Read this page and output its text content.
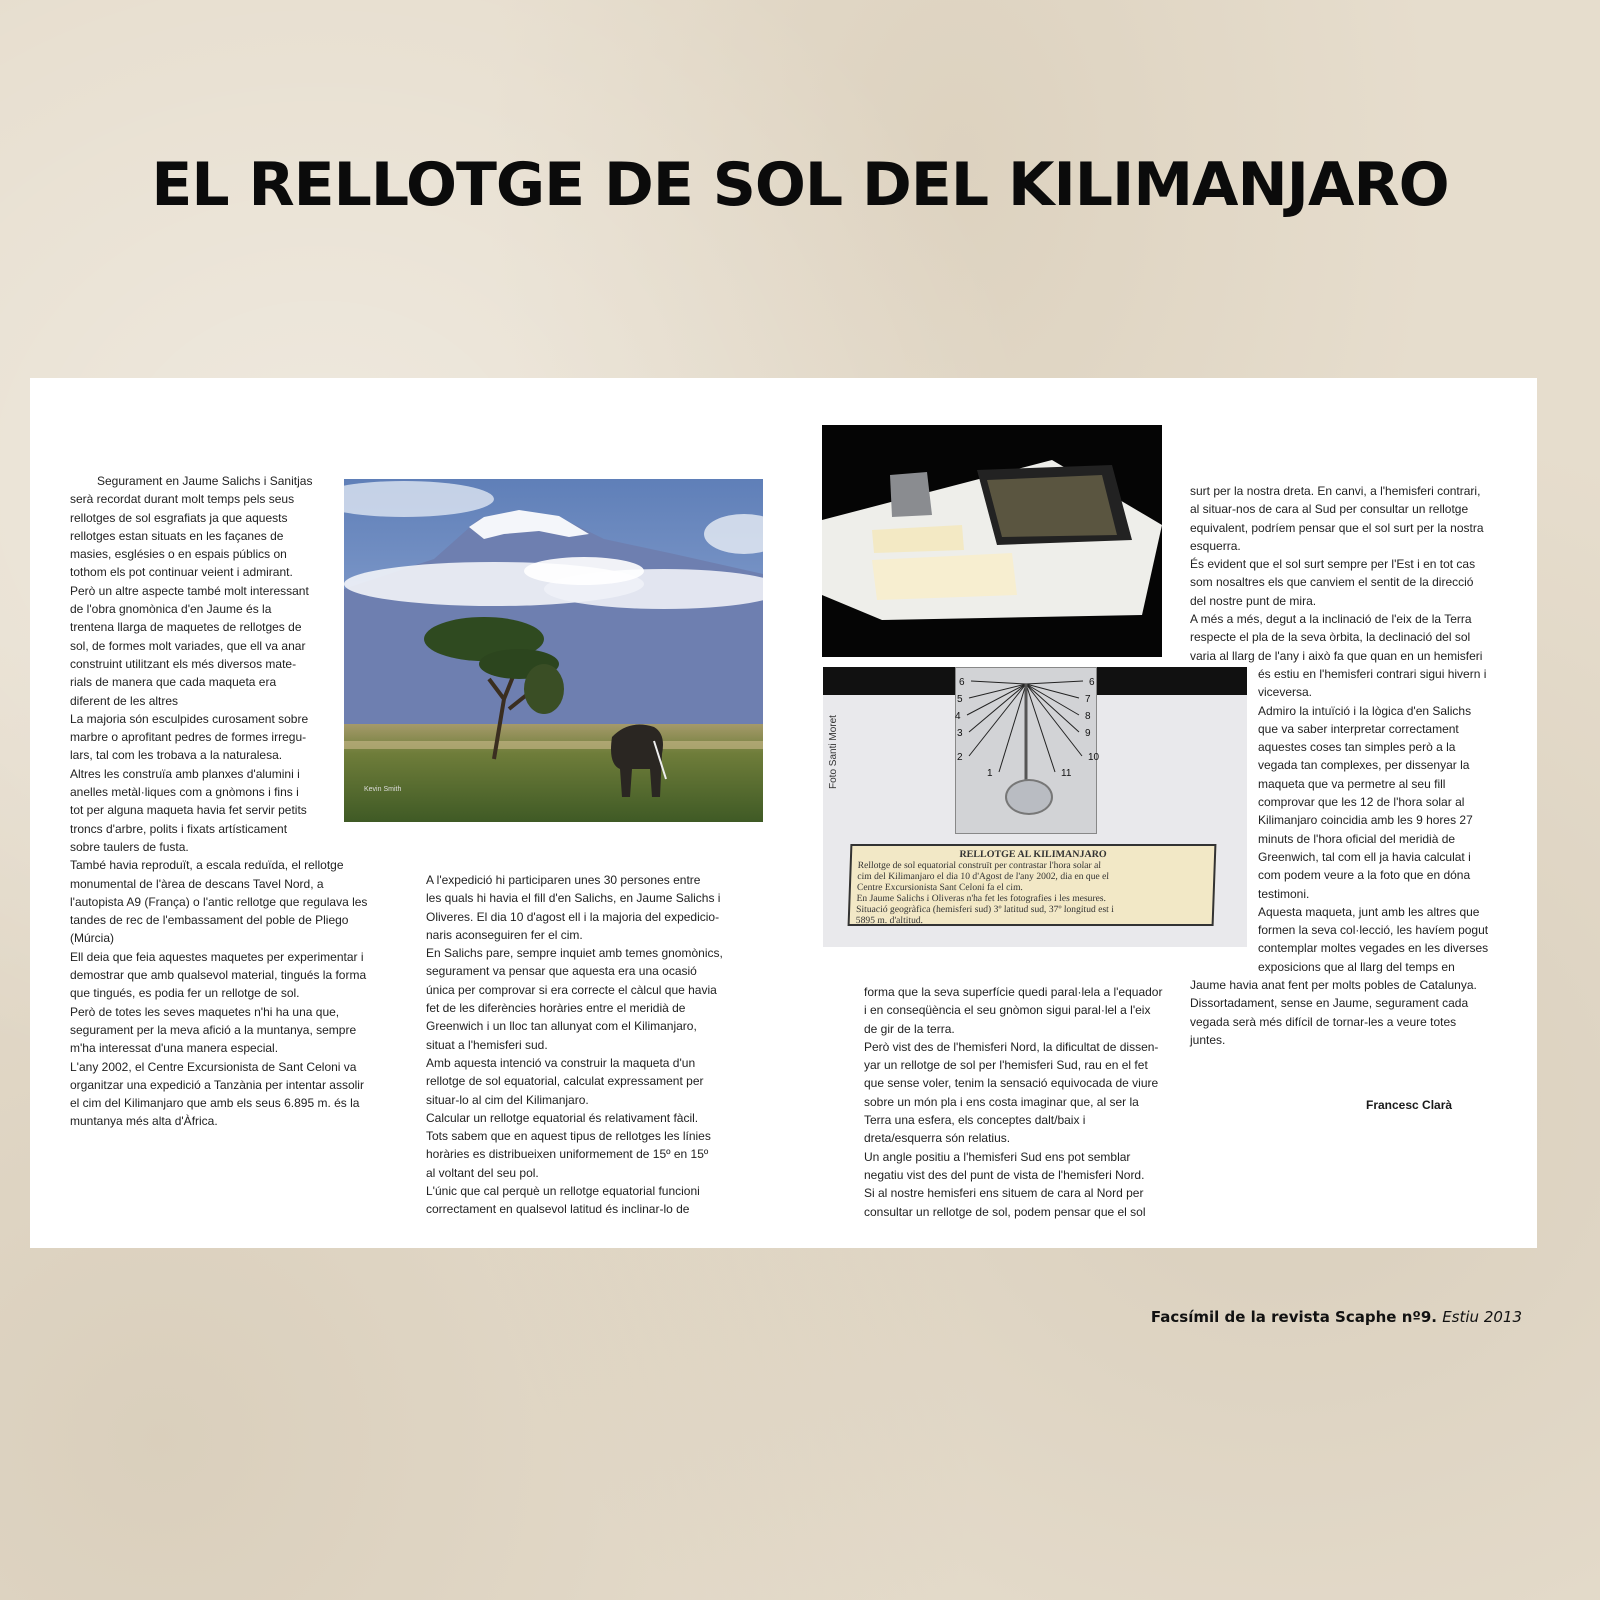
EL RELLOTGE DE SOL DEL KILIMANJARO
Segurament en Jaume Salichs i Sanitjas
serà recordat durant molt temps pels seus
rellotges de sol esgrafiats ja que aquests
rellotges estan situats en les façanes de
masies, esglésies o en espais públics on
tothom els pot continuar veient i admirant.
Però un altre aspecte també molt interessant
de l'obra gnomònica d'en Jaume és la
trentena llarga de maquetes de rellotges de
sol, de formes molt variades, que ell va anar
construint utilitzant els més diversos mate-
rials de manera que cada maqueta era
diferent de les altres
La majoria són esculpides curosament sobre
marbre o aprofitant pedres de formes irregu-
lars, tal com les trobava a la naturalesa.
Altres les construïa amb planxes d'alumini i
anelles metàl·liques com a gnòmons i fins i
tot per alguna maqueta havia fet servir petits
troncs d'arbre, polits i fixats artísticament
sobre taulers de fusta.
També havia reproduït, a escala reduïda, el rellotge
monumental de l'àrea de descans Tavel Nord, a
l'autopista A9 (França) o l'antic rellotge que regulava les
tandes de rec de l'embassament del poble de Pliego
(Múrcia)
Ell deia que feia aquestes maquetes per experimentar i
demostrar que amb qualsevol material, tingués la forma
que tingués, es podia fer un rellotge de sol.
Però de totes les seves maquetes n'hi ha una que,
segurament per la meva afició a la muntanya, sempre
m'ha interessat d'una manera especial.
L'any 2002, el Centre Excursionista de Sant Celoni va
organitzar una expedició a Tanzània per intentar assolir
el cim del Kilimanjaro que amb els seus 6.895 m. és la
muntanya més alta d'Àfrica.
A l'expedició hi participaren unes 30 persones entre
les quals hi havia el fill d'en Salichs, en Jaume Salichs i
Oliveres. El dia 10 d'agost ell i la majoria del expedicio-
naris aconseguiren fer el cim.
En Salichs pare, sempre inquiet amb temes gnomònics,
segurament va pensar que aquesta era una ocasió
única per comprovar si era correcte el càlcul que havia
fet de les diferències horàries entre el meridià de
Greenwich i un lloc tan allunyat com el Kilimanjaro,
situat a l'hemisferi sud.
Amb aquesta intenció va construir la maqueta d'un
rellotge de sol equatorial, calculat expressament per
situar-lo al cim del Kilimanjaro.
Calcular un rellotge equatorial és relativament fàcil.
Tots sabem que en aquest tipus de rellotges les línies
horàries es distribueixen uniformement de 15º en 15º
al voltant del seu pol.
L'únic que cal perquè un rellotge equatorial funcioni
correctament en qualsevol latitud és inclinar-lo de
forma que la seva superfície quedi paral·lela a l'equador
i en conseqüència el seu gnòmon sigui paral·lel a l'eix
de gir de la terra.
Però vist des de l'hemisferi Nord, la dificultat de dissen-
yar un rellotge de sol per l'hemisferi Sud, rau en el fet
que sense voler, tenim la sensació equivocada de viure
sobre un món pla i ens costa imaginar que, al ser la
Terra una esfera, els conceptes dalt/baix i
dreta/esquerra són relatius.
Un angle positiu a l'hemisferi Sud ens pot semblar
negatiu vist des del punt de vista de l'hemisferi Nord.
Si al nostre hemisferi ens situem de cara al Nord per
consultar un rellotge de sol, podem pensar que el sol
surt per la nostra dreta. En canvi, a l'hemisferi contrari,
al situar-nos de cara al Sud per consultar un rellotge
equivalent, podríem pensar que el sol surt per la nostra
esquerra.
És evident que el sol surt sempre per l'Est i en tot cas
som nosaltres els que canviem el sentit de la direcció
del nostre punt de mira.
A més a més, degut a la inclinació de l'eix de la Terra
respecte el pla de la seva òrbita, la declinació del sol
varia al llarg de l'any i això fa que quan en un hemisferi
és estiu en l'hemisferi contrari sigui hivern i
viceversa.
Admiro la intuïció i la lògica d'en Salichs
que va saber interpretar correctament
aquestes coses tan simples però a la
vegada tan complexes, per dissenyar la
maqueta que va permetre al seu fill
comprovar que les 12 de l'hora solar al
Kilimanjaro coincidia amb les 9 hores 27
minuts de l'hora oficial del meridià de
Greenwich, tal com ell ja havia calculat i
com podem veure a la foto que en dóna
testimoni.
Aquesta maqueta, junt amb les altres que
formen la seva col·lecció, les havíem pogut
contemplar moltes vegades en les diverses
exposicions que al llarg del temps en
Jaume havia anat fent per molts pobles de Catalunya.
Dissortadament, sense en Jaume, segurament cada
vegada serà més difícil de tornar-les a veure totes
juntes.
Francesc Clarà
Kevin Smith
6
5
4
3
2
1	11
10
9
8
7
6
Foto Santi Moret
RELLOTGE AL KILIMANJARO
Rellotge de sol equatorial construït per contrastar l'hora solar al
cim del Kilimanjaro el dia 10 d'Agost de l'any 2002, dia en que el
Centre Excursionista Sant Celoni fa el cim.
En Jaume Salichs i Oliveras n'ha fet les fotografies i les mesures.
Situació geogràfica (hemisferi sud) 3º latitud sud, 37º longitud est i
5895 m. d'altitud.
Facsímil de la revista Scaphe nº9. Estiu 2013
